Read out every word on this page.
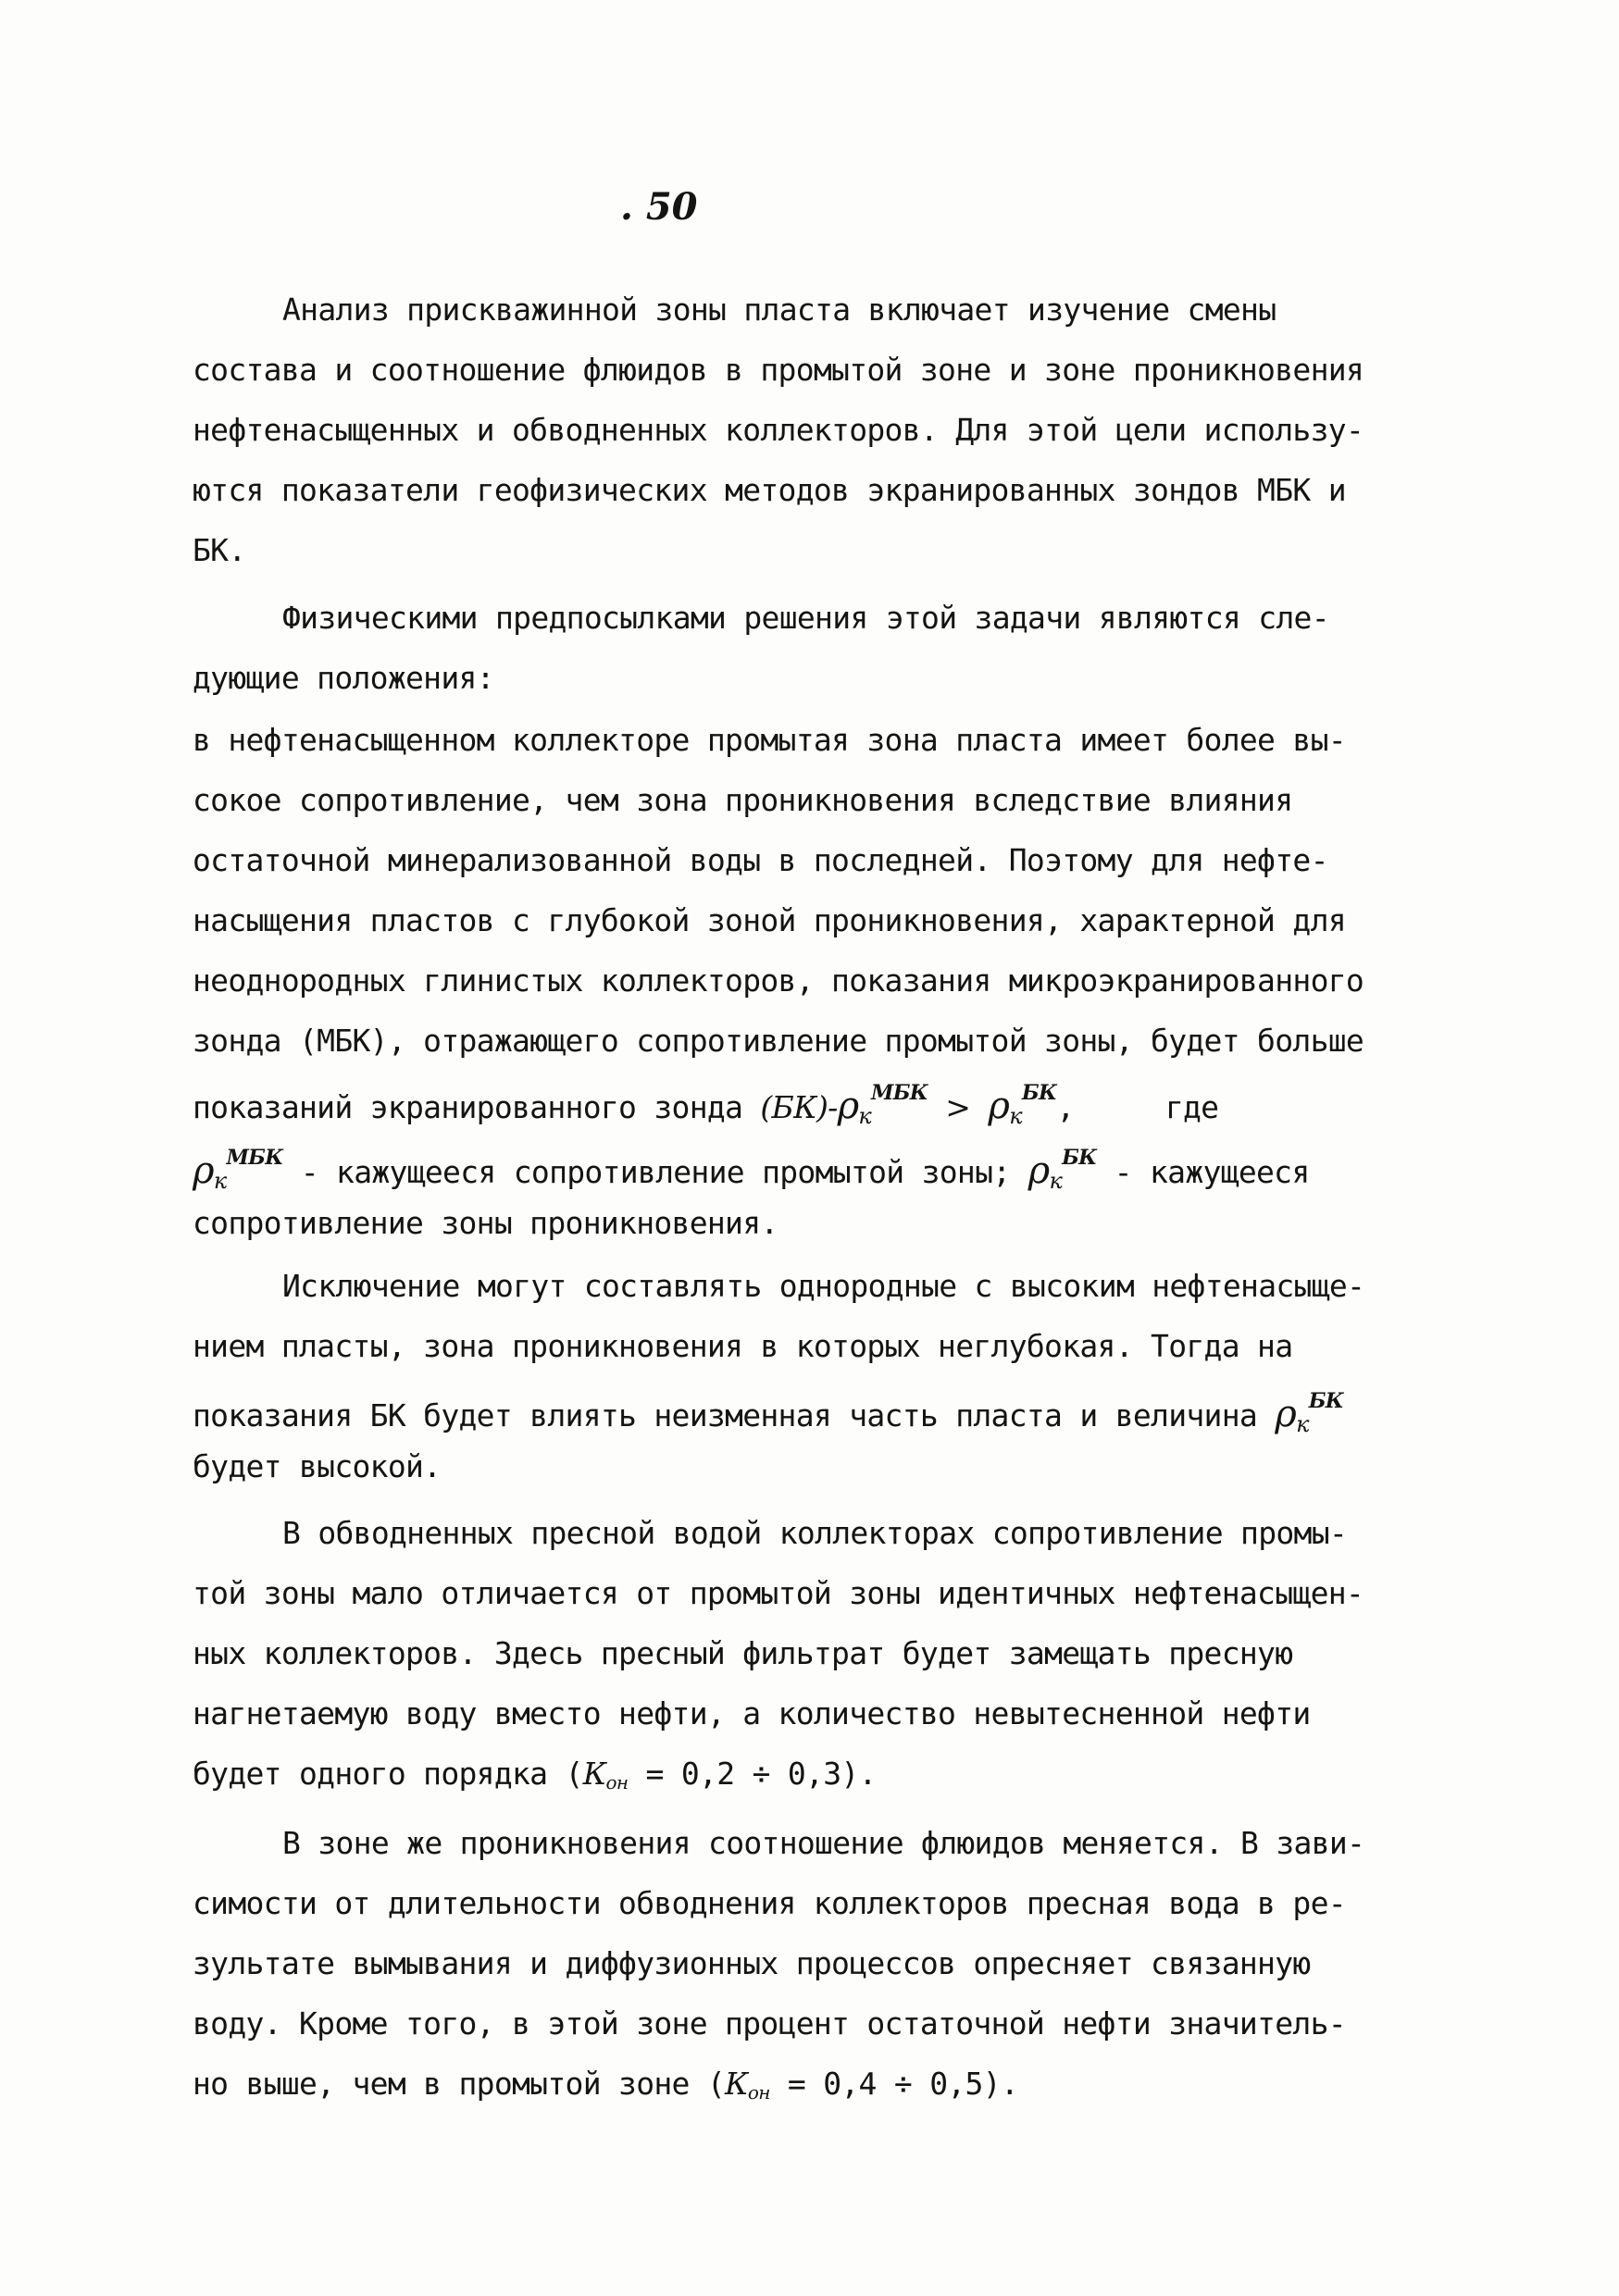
. 50
Анализ прискважинной зоны пласта включает изучение смены
состава и соотношение флюидов в промытой зоне и зоне проникновения
нефтенасыщенных и обводненных коллекторов. Для этой цели использу-
ются показатели геофизических методов экранированных зондов МБК и
БК.
Физическими предпосылками решения этой задачи являются сле-
дующие положения:
в нефтенасыщенном коллекторе промытая зона пласта имеет более вы-
сокое сопротивление, чем зона проникновения вследствие влияния
остаточной минерализованной воды в последней. Поэтому для нефте-
насыщения пластов с глубокой зоной проникновения, характерной для
неоднородных глинистых коллекторов, показания микроэкранированного
зонда (МБК), отражающего сопротивление промытой зоны, будет больше
показаний экранированного зонда $(БК)-\rho_к^{МБК} > \rho_к^{БК}$,	где
$\rho_к^{МБК}$ - кажущееся сопротивление промытой зоны; $\rho_к^{БК}$ - кажущееся
сопротивление зоны проникновения.
Исключение могут составлять однородные с высоким нефтенасыще-
нием пласты, зона проникновения в которых неглубокая. Тогда на
показания БК будет влиять неизменная часть пласта и величина $\rho_к^{БК}$
будет высокой.
В обводненных пресной водой коллекторах сопротивление промы-
той зоны мало отличается от промытой зоны идентичных нефтенасыщен-
ных коллекторов. Здесь пресный фильтрат будет замещать пресную
нагнетаемую воду вместо нефти, а количество невытесненной нефти
будет одного порядка $(К_{он} = 0,2 \div 0,3)$.
В зоне же проникновения соотношение флюидов меняется. В зави-
симости от длительности обводнения коллекторов пресная вода в ре-
зультате вымывания и диффузионных процессов опресняет связанную
воду. Кроме того, в этой зоне процент остаточной нефти значитель-
но выше, чем в промытой зоне $(К_{он} = 0,4 \div 0,5)$.
